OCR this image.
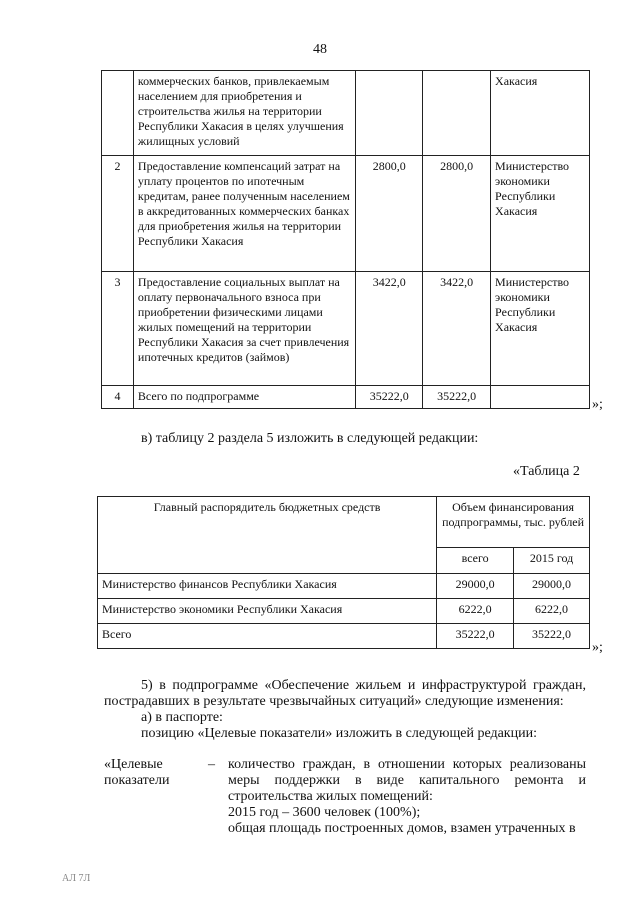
48
	коммерческих банков, привлекаемым населением для приобретения и строительства жилья на территории Республики Хакасия в целях улучшения жилищных условий			Хакасия
2	Предоставление компенсаций затрат на уплату процентов по ипотечным кредитам, ранее полученным населением в аккредитованных коммерческих банках для приобретения жилья на территории Республики Хакасия	2800,0	2800,0	Министерство экономики Республики Хакасия
3	Предоставление социальных выплат на оплату первоначального взноса при приобретении физическими лицами жилых помещений на территории Республики Хакасия за счет привлечения ипотечных кредитов (займов)	3422,0	3422,0	Министерство экономики Республики Хакасия
4	Всего по подпрограмме	35222,0	35222,0	
»;
в) таблицу 2 раздела 5 изложить в следующей редакции:
«Таблица 2
Главный распорядитель бюджетных средств	Объем финансирования подпрограммы, тыс. рублей	
	всего	2015 год
Министерство финансов Республики Хакасия	29000,0	29000,0
Министерство экономики Республики Хакасия	6222,0	6222,0
Всего	35222,0	35222,0
»;
5) в подпрограмме «Обеспечение жильем и инфраструктурой граждан, пострадавших в результате чрезвычайных ситуаций» следующие изменения:
а) в паспорте:
позицию «Целевые показатели» изложить в следующей редакции:
«Целевые
показатели
– количество граждан, в отношении которых реализованы меры поддержки в виде капитального ремонта и строительства жилых помещений:
2015 год – 3600 человек (100%);
общая площадь построенных домов, взамен утраченных в
АЛ 7Л
